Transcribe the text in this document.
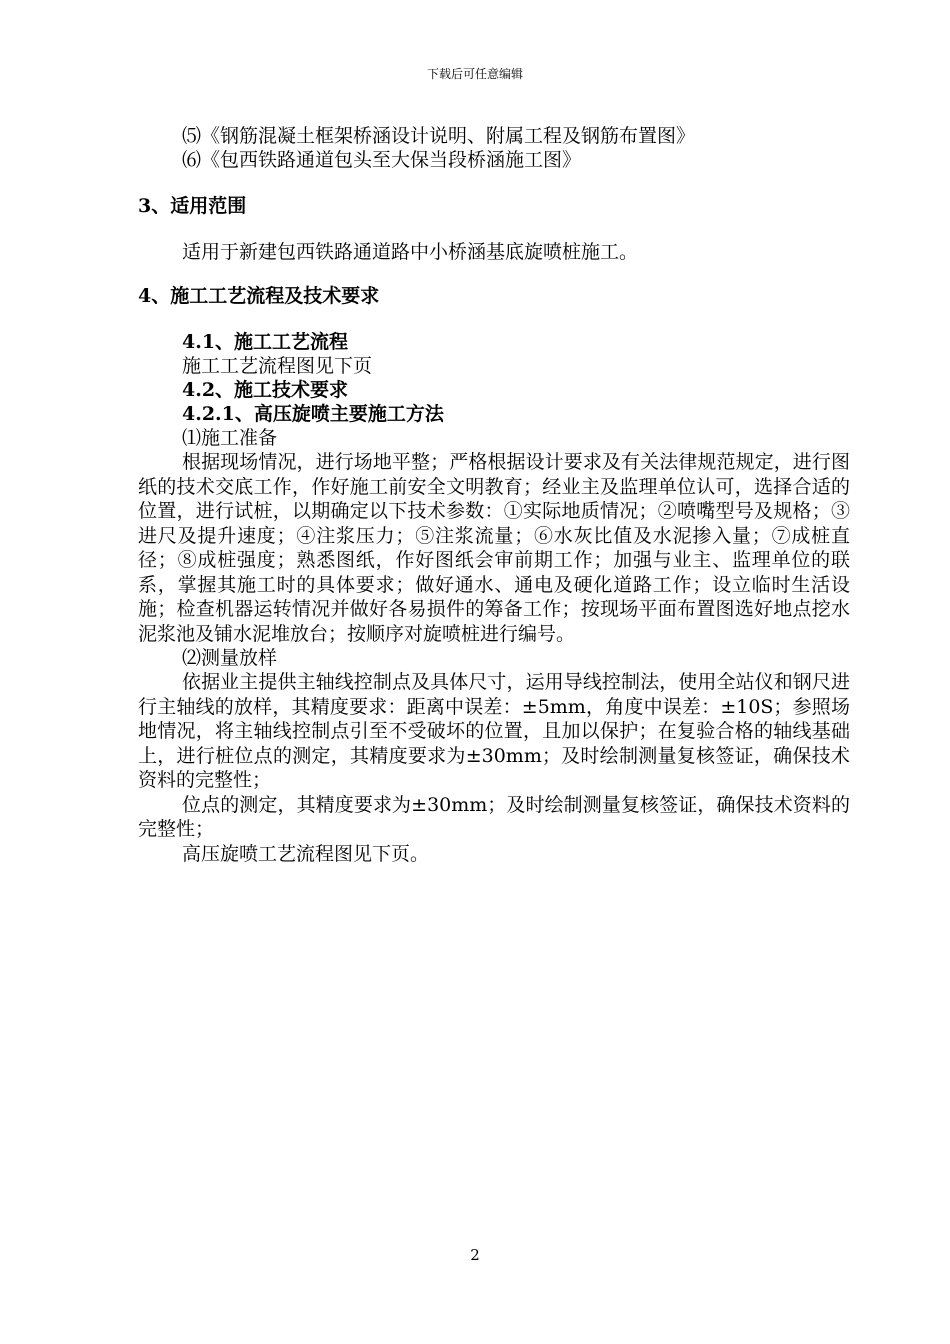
下载后可任意编辑
⑸《钢筋混凝土框架桥涵设计说明、附属工程及钢筋布置图》
⑹《包西铁路通道包头至大保当段桥涵施工图》
3、适用范围
适用于新建包西铁路通道路中小桥涵基底旋喷桩施工。
4、施工工艺流程及技术要求
4.1、施工工艺流程
施工工艺流程图见下页
4.2、施工技术要求
4.2.1、高压旋喷主要施工方法
⑴施工准备

根据现场情况，进行场地平整；严格根据设计要求及有关法律规范规定，进行图纸的技术交底工作，作好施工前安全文明教育；经业主及监理单位认可，选择合适的位置，进行试桩，以期确定以下技术参数：①实际地质情况；②喷嘴型号及规格；③进尺及提升速度；④注浆压力；⑤注浆流量；⑥水灰比值及水泥掺入量；⑦成桩直径；⑧成桩强度；熟悉图纸，作好图纸会审前期工作；加强与业主、监理单位的联系，掌握其施工时的具体要求；做好通水、通电及硬化道路工作；设立临时生活设施；检查机器运转情况并做好各易损件的筹备工作；按现场平面布置图选好地点挖水泥浆池及铺水泥堆放台；按顺序对旋喷桩进行编号。

⑵测量放样

依据业主提供主轴线控制点及具体尺寸，运用导线控制法，使用全站仪和钢尺进行主轴线的放样，其精度要求：距离中误差：±5mm，角度中误差：±10S；参照场地情况，将主轴线控制点引至不受破坏的位置，且加以保护；在复验合格的轴线基础上，进行桩位点的测定，其精度要求为±30mm；及时绘制测量复核签证，确保技术资料的完整性；

位点的测定，其精度要求为±30mm；及时绘制测量复核签证，确保技术资料的完整性；

高压旋喷工艺流程图见下页。
2
